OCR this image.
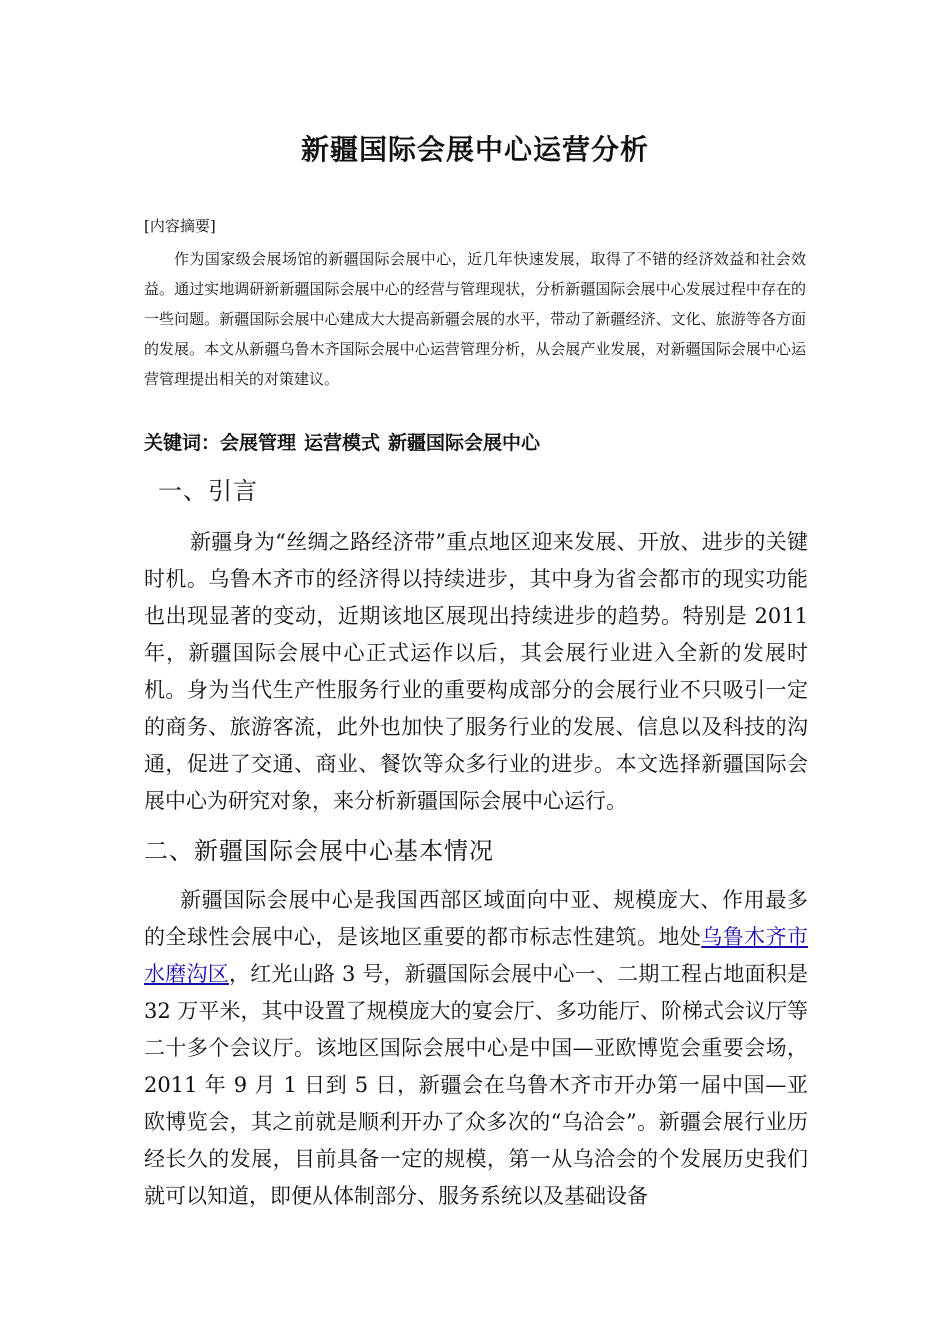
新疆国际会展中心运营分析
[内容摘要]
作为国家级会展场馆的新疆国际会展中心，近几年快速发展，取得了不错的经济效益和社会效益。通过实地调研新新疆国际会展中心的经营与管理现状，分析新疆国际会展中心发展过程中存在的一些问题。新疆国际会展中心建成大大提高新疆会展的水平，带动了新疆经济、文化、旅游等各方面的发展。本文从新疆乌鲁木齐国际会展中心运营管理分析，从会展产业发展，对新疆国际会展中心运营管理提出相关的对策建议。
关键词：会展管理 运营模式 新疆国际会展中心
一、引言
新疆身为“丝绸之路经济带”重点地区迎来发展、开放、进步的关键时机。乌鲁木齐市的经济得以持续进步，其中身为省会都市的现实功能也出现显著的变动，近期该地区展现出持续进步的趋势。特别是 2011 年，新疆国际会展中心正式运作以后，其会展行业进入全新的发展时机。身为当代生产性服务行业的重要构成部分的会展行业不只吸引一定的商务、旅游客流，此外也加快了服务行业的发展、信息以及科技的沟通，促进了交通、商业、餐饮等众多行业的进步。本文选择新疆国际会展中心为研究对象，来分析新疆国际会展中心运行。
二、新疆国际会展中心基本情况
新疆国际会展中心是我国西部区域面向中亚、规模庞大、作用最多的全球性会展中心，是该地区重要的都市标志性建筑。地处乌鲁木齐市水磨沟区，红光山路 3 号，新疆国际会展中心一、二期工程占地面积是 32 万平米，其中设置了规模庞大的宴会厅、多功能厅、阶梯式会议厅等二十多个会议厅。该地区国际会展中心是中国—亚欧博览会重要会场，2011 年 9 月 1 日到 5 日，新疆会在乌鲁木齐市开办第一届中国—亚欧博览会，其之前就是顺利开办了众多次的“乌洽会”。新疆会展行业历经长久的发展，目前具备一定的规模，第一从乌洽会的个发展历史我们就可以知道，即便从体制部分、服务系统以及基础设备
